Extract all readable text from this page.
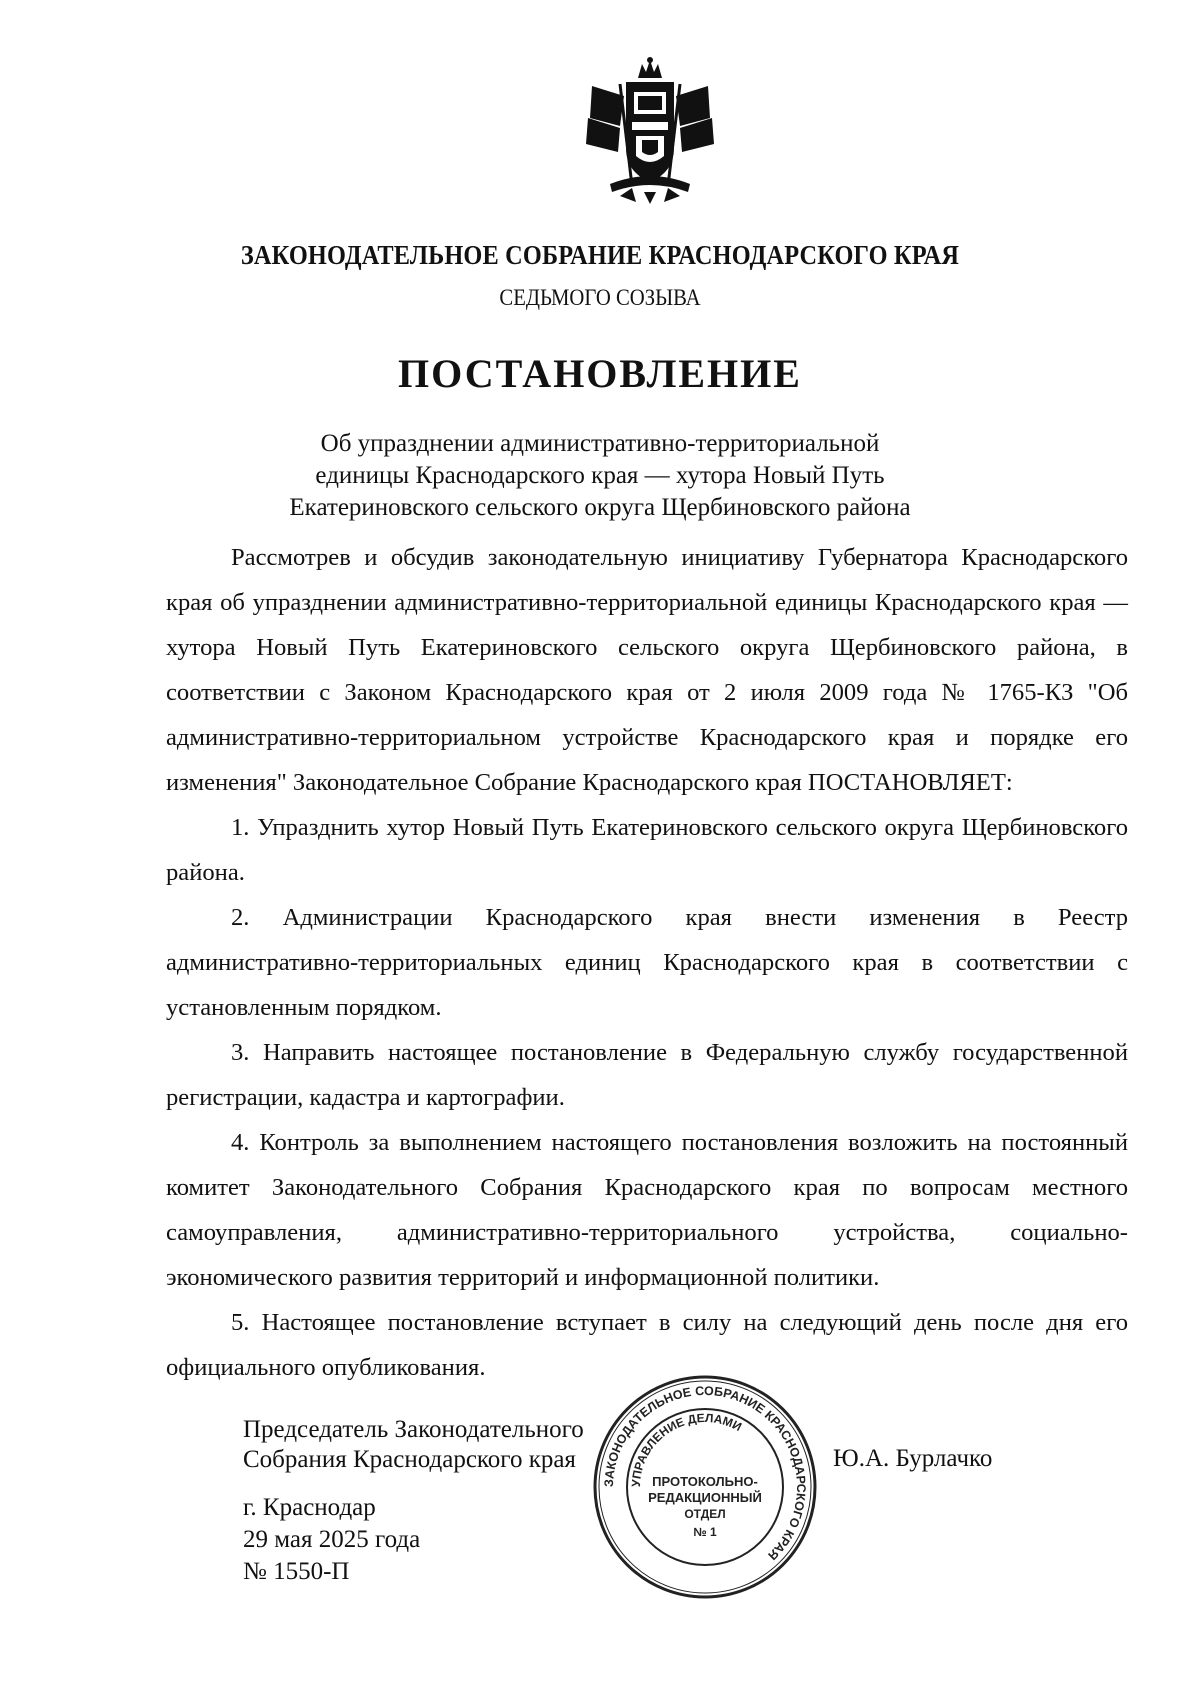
ЗАКОНОДАТЕЛЬНОЕ СОБРАНИЕ КРАСНОДАРСКОГО КРАЯ
СЕДЬМОГО СОЗЫВА
ПОСТАНОВЛЕНИЕ
Об упразднении административно-территориальной
единицы Краснодарского края — хутора Новый Путь
Екатериновского сельского округа Щербиновского района

Рассмотрев и обсудив законодательную инициативу Губернатора Краснодарского края об упразднении административно-территориальной единицы Краснодарского края — хутора Новый Путь Екатериновского сельского округа Щербиновского района, в соответствии с Законом Краснодарского края от 2 июля 2009 года № 1765-КЗ "Об административно-территориальном устройстве Краснодарского края и порядке его изменения" Законодательное Собрание Краснодарского края ПОСТАНОВЛЯЕТ:

1. Упразднить хутор Новый Путь Екатериновского сельского округа Щербиновского района.

2. Администрации Краснодарского края внести изменения в Реестр административно-территориальных единиц Краснодарского края в соответствии с установленным порядком.

3. Направить настоящее постановление в Федеральную службу государственной регистрации, кадастра и картографии.

4. Контроль за выполнением настоящего постановления возложить на постоянный комитет Законодательного Собрания Краснодарского края по вопросам местного самоуправления, административно-территориального устройства, социально-экономического развития территорий и информационной политики.

5. Настоящее постановление вступает в силу на следующий день после дня его официального опубликования.

Председатель Законодательного
Собрания Краснодарского края	Ю.А. Бурлачко
г. Краснодар
29 мая 2025 года
№ 1550-П
ЗАКОНОДАТЕЛЬНОЕ СОБРАНИЕ КРАСНОДАРСКОГО КРАЯ
УПРАВЛЕНИЕ ДЕЛАМИ
ПРОТОКОЛЬНО-
РЕДАКЦИОННЫЙ
ОТДЕЛ
№ 1
